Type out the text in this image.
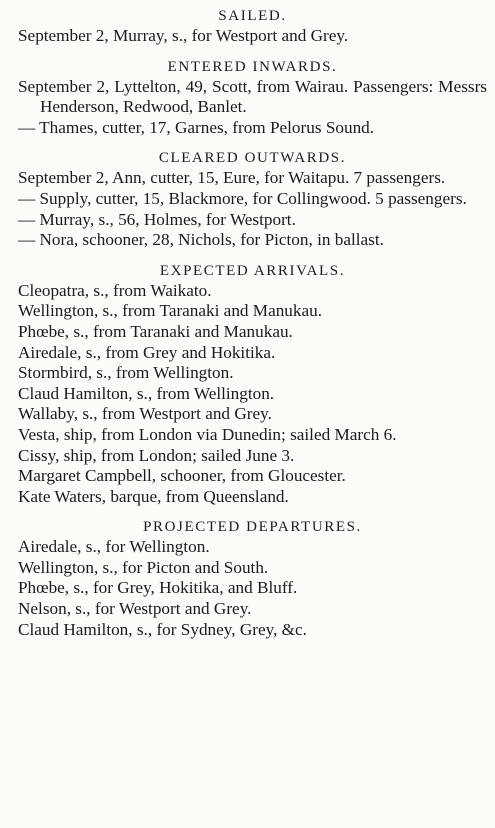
SAILED.
September 2, Murray, s., for Westport and Grey.
ENTERED INWARDS.
September 2, Lyttelton, 49, Scott, from Wairau. Passengers: Messrs Henderson, Redwood, Banlet.
— Thames, cutter, 17, Garnes, from Pelorus Sound.
CLEARED OUTWARDS.
September 2, Ann, cutter, 15, Eure, for Waitapu. 7 passengers.
— Supply, cutter, 15, Blackmore, for Collingwood. 5 passengers.
— Murray, s., 56, Holmes, for Westport.
— Nora, schooner, 28, Nichols, for Picton, in ballast.
EXPECTED ARRIVALS.
Cleopatra, s., from Waikato.
Wellington, s., from Taranaki and Manukau.
Phœbe, s., from Taranaki and Manukau.
Airedale, s., from Grey and Hokitika.
Stormbird, s., from Wellington.
Claud Hamilton, s., from Wellington.
Wallaby, s., from Westport and Grey.
Vesta, ship, from London via Dunedin; sailed March 6.
Cissy, ship, from London; sailed June 3.
Margaret Campbell, schooner, from Gloucester.
Kate Waters, barque, from Queensland.
PROJECTED DEPARTURES.
Airedale, s., for Wellington.
Wellington, s., for Picton and South.
Phœbe, s., for Grey, Hokitika, and Bluff.
Nelson, s., for Westport and Grey.
Claud Hamilton, s., for Sydney, Grey, &c.
